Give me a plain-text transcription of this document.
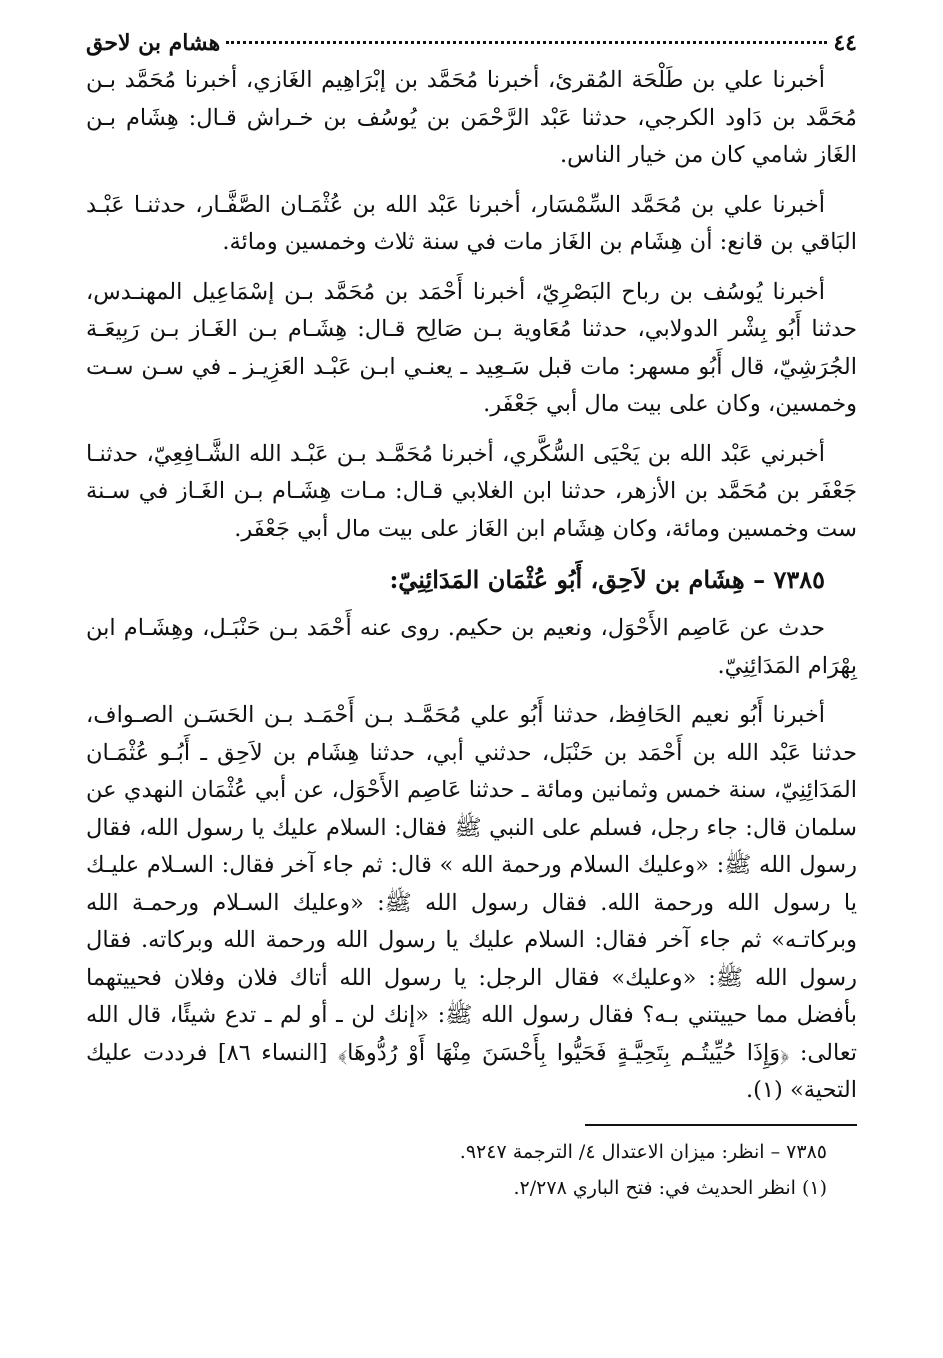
٤٤
هشام بن لاحق

أخبرنا علي بن طَلْحَة المُقرئ، أخبرنا مُحَمَّد بن إبْرَاهِيم الغَازي، أخبرنا مُحَمَّد بـن مُحَمَّد بن دَاود الكرجي، حدثنا عَبْد الرَّحْمَن بن يُوسُف بن خـراش قـال: هِشَام بـن الغَاز شامي كان من خيار الناس.

أخبرنا علي بن مُحَمَّد السِّمْسَار، أخبرنا عَبْد الله بن عُثْمَـان الصَّفَّـار، حدثنـا عَبْـد البَاقي بن قانع: أن هِشَام بن الغَاز مات في سنة ثلاث وخمسين ومائة.

أخبرنا يُوسُف بن رباح البَصْرِيّ، أخبرنا أَحْمَد بن مُحَمَّد بـن إسْمَاعِيل المهنـدس، حدثنا أَبُو بِشْر الدولابي، حدثنا مُعَاوية بـن صَالِح قـال: هِشَـام بـن الغَـاز بـن رَبِيعَـة الجُرَشِيّ، قال أَبُو مسهر: مات قبل سَـعِيد ـ يعنـي ابـن عَبْـد العَزِيـز ـ في سـن سـت وخمسين، وكان على بيت مال أبي جَعْفَر.

أخبرني عَبْد الله بن يَحْيَى السُّكَّري، أخبرنا مُحَمَّـد بـن عَبْـد الله الشَّـافِعِيّ، حدثنـا جَعْفَر بن مُحَمَّد بن الأزهر، حدثنا ابن الغلابي قـال: مـات هِشَـام بـن الغَـاز في سـنة ست وخمسين ومائة، وكان هِشَام ابن الغَاز على بيت مال أبي جَعْفَر.

٧٣٨٥ – هِشَام بن لاَحِق، أَبُو عُثْمَان المَدَائِنِيّ:

حدث عن عَاصِم الأَحْوَل، ونعيم بن حكيم. روى عنه أَحْمَد بـن حَنْبَـل، وهِشَـام ابن بِهْرَام المَدَائِنِيّ.

أخبرنا أَبُو نعيم الحَافِظ، حدثنا أَبُو علي مُحَمَّـد بـن أَحْمَـد بـن الحَسَـن الصـواف، حدثنا عَبْد الله بن أَحْمَد بن حَنْبَل، حدثني أبي، حدثنا هِشَام بن لاَحِق ـ أَبُـو عُثْمَـان المَدَائِنِيّ، سنة خمس وثمانين ومائة ـ حدثنا عَاصِم الأَحْوَل، عن أبي عُثْمَان النهدي عن سلمان قال: جاء رجل، فسلم على النبي ﷺ فقال: السلام عليك يا رسول الله، فقال رسول الله ﷺ: «وعليك السلام ورحمة الله » قال: ثم جاء آخر فقال: السـلام عليـك يا رسول الله ورحمة الله. فقال رسول الله ﷺ: «وعليك السـلام ورحمـة الله وبركاتـه» ثم جاء آخر فقال: السلام عليك يا رسول الله ورحمة الله وبركاته. فقال رسول الله ﷺ: «وعليك» فقال الرجل: يا رسول الله أتاك فلان وفلان فحييتهما بأفضل مما حييتني بـه؟ فقال رسول الله ﷺ: «إنك لن ـ أو لم ـ تدع شيئًا، قال الله تعالى: ﴿وَإِذَا حُيِّيتُـم بِتَحِيَّـةٍ فَحَيُّوا بِأَحْسَنَ مِنْهَا أَوْ رُدُّوهَا﴾ [النساء ٨٦] فرددت عليك التحية» (١).

٧٣٨٥ – انظر: ميزان الاعتدال ٤/ الترجمة ٩٢٤٧.

(١) انظر الحديث في: فتح الباري ٢/٢٧٨.
